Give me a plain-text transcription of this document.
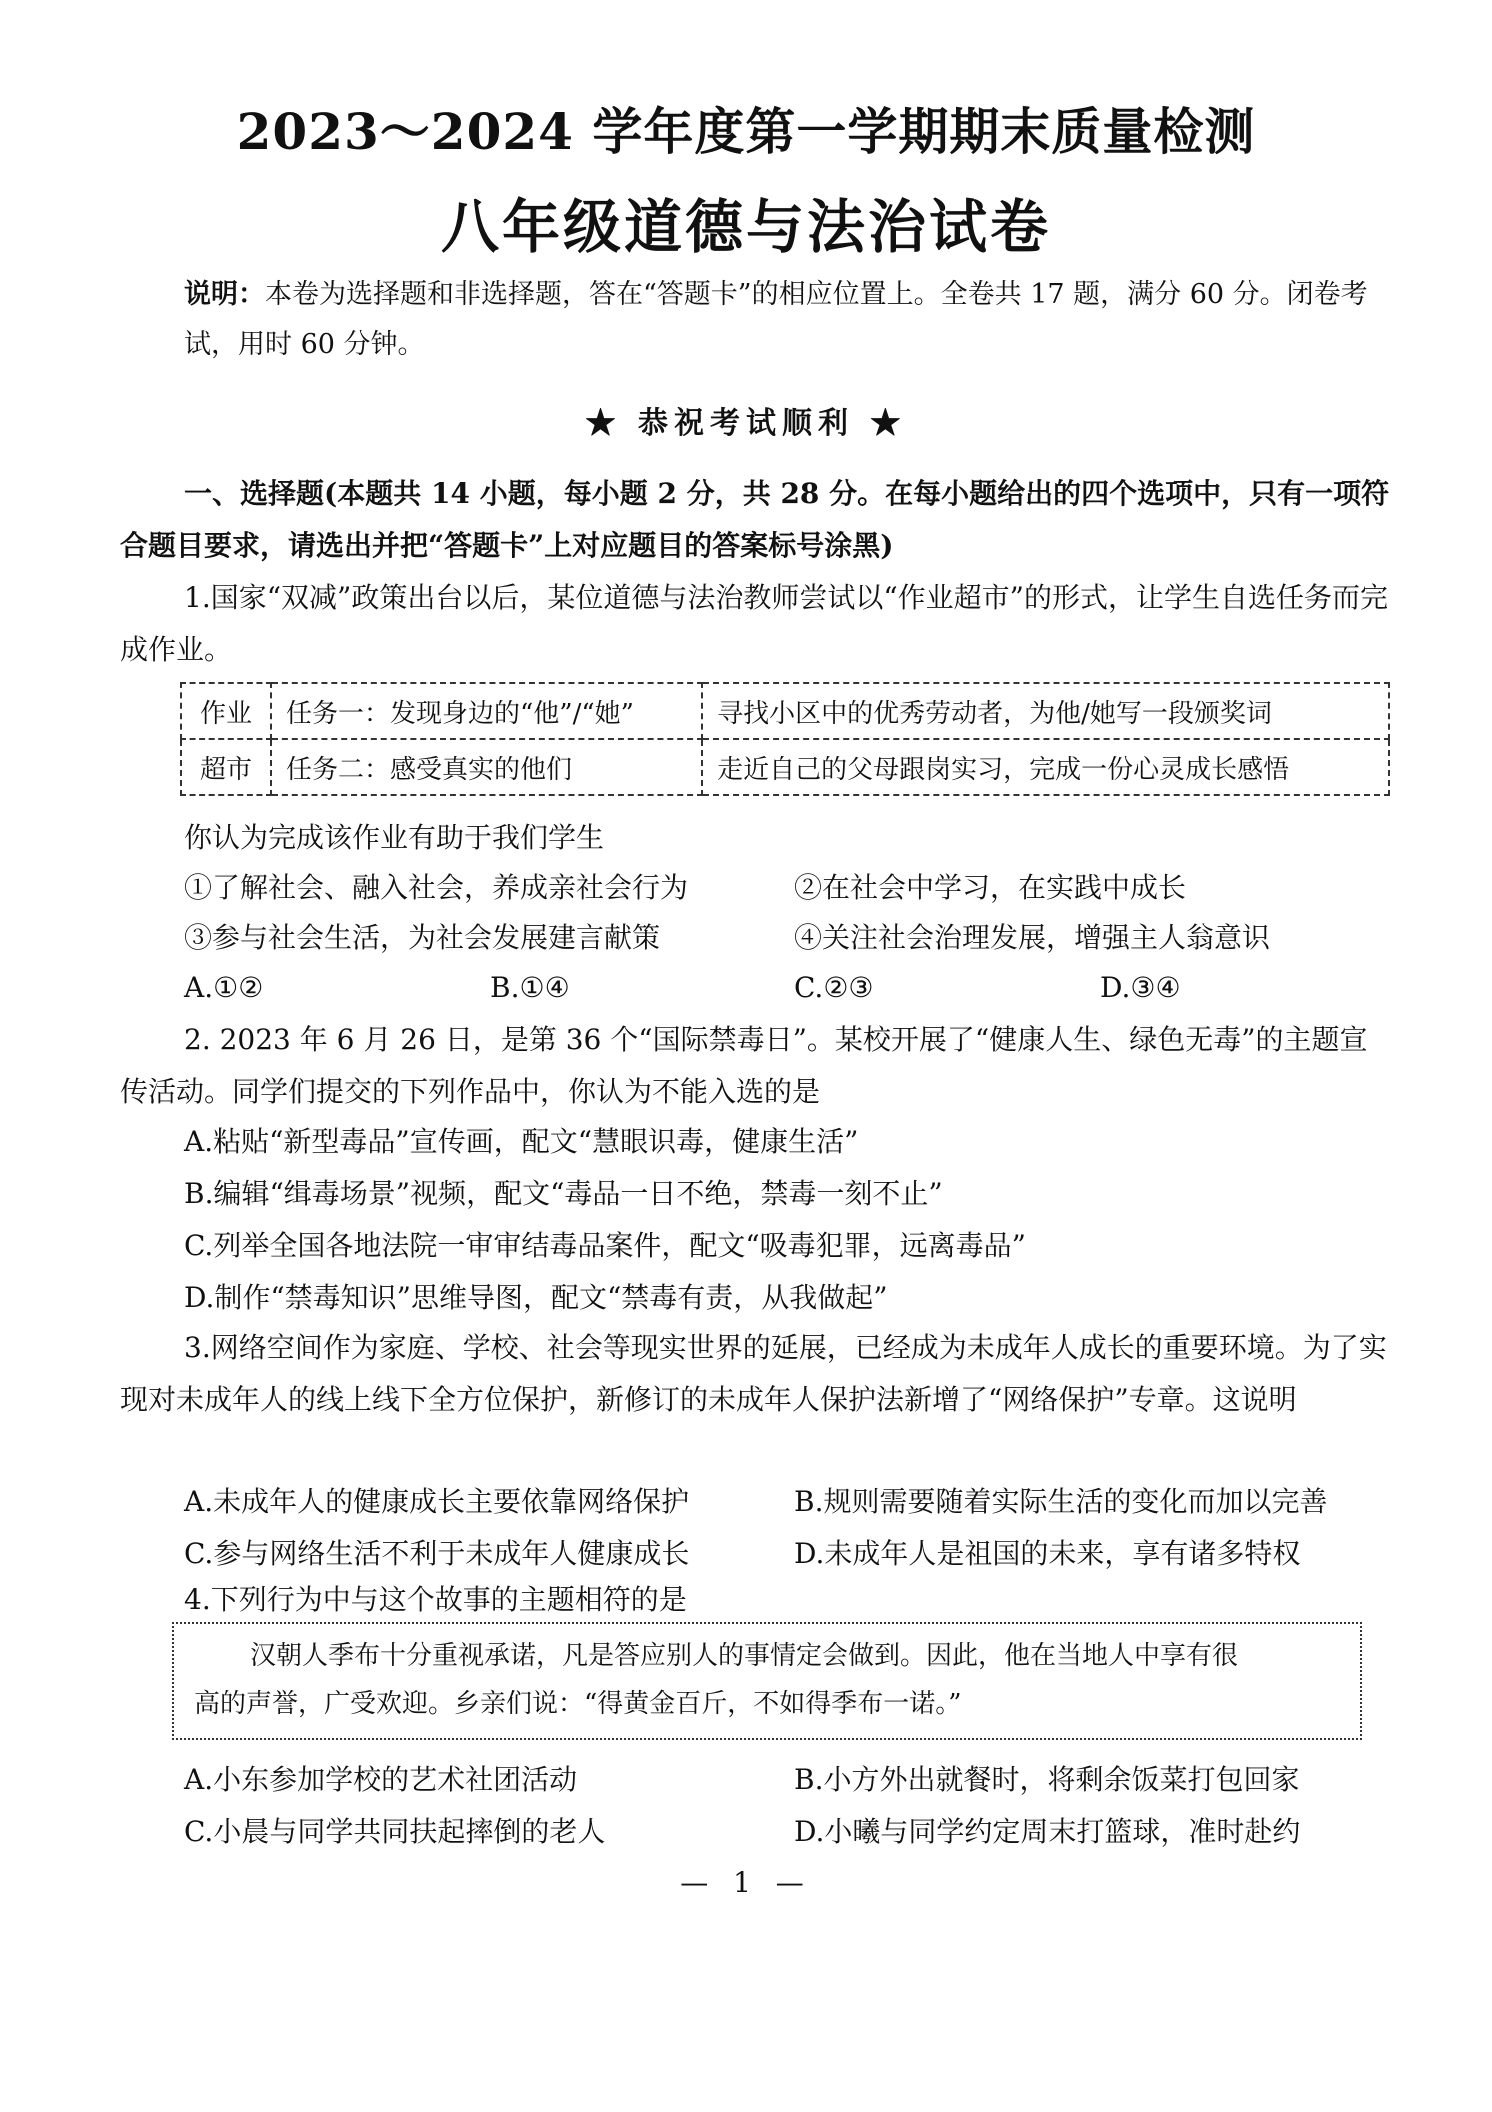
2023～2024 学年度第一学期期末质量检测
八年级道德与法治试卷
说明：本卷为选择题和非选择题，答在“答题卡”的相应位置上。全卷共 17 题，满分 60 分。闭卷考试，用时 60 分钟。
★ 恭祝考试顺利 ★
一、选择题(本题共 14 小题，每小题 2 分，共 28 分。在每小题给出的四个选项中，只有一项符合题目要求，请选出并把“答题卡”上对应题目的答案标号涂黑)
1.国家“双减”政策出台以后，某位道德与法治教师尝试以“作业超市”的形式，让学生自选任务而完成作业。
作业	任务一：发现身边的“他”/“她”	寻找小区中的优秀劳动者，为他/她写一段颁奖词
超市	任务二：感受真实的他们	走近自己的父母跟岗实习，完成一份心灵成长感悟
你认为完成该作业有助于我们学生
①了解社会、融入社会，养成亲社会行为	②在社会中学习，在实践中成长
③参与社会生活，为社会发展建言献策	④关注社会治理发展，增强主人翁意识
A.①②	B.①④	C.②③	D.③④
2. 2023 年 6 月 26 日，是第 36 个“国际禁毒日”。某校开展了“健康人生、绿色无毒”的主题宣传活动。同学们提交的下列作品中，你认为不能入选的是
A.粘贴“新型毒品”宣传画，配文“慧眼识毒，健康生活”
B.编辑“缉毒场景”视频，配文“毒品一日不绝，禁毒一刻不止”
C.列举全国各地法院一审审结毒品案件，配文“吸毒犯罪，远离毒品”
D.制作“禁毒知识”思维导图，配文“禁毒有责，从我做起”
3.网络空间作为家庭、学校、社会等现实世界的延展，已经成为未成年人成长的重要环境。为了实现对未成年人的线上线下全方位保护，新修订的未成年人保护法新增了“网络保护”专章。这说明
A.未成年人的健康成长主要依靠网络保护	B.规则需要随着实际生活的变化而加以完善
C.参与网络生活不利于未成年人健康成长	D.未成年人是祖国的未来，享有诸多特权
4.下列行为中与这个故事的主题相符的是
汉朝人季布十分重视承诺，凡是答应别人的事情定会做到。因此，他在当地人中享有很
高的声誉，广受欢迎。乡亲们说：“得黄金百斤，不如得季布一诺。”
A.小东参加学校的艺术社团活动	B.小方外出就餐时，将剩余饭菜打包回家
C.小晨与同学共同扶起摔倒的老人	D.小曦与同学约定周末打篮球，准时赴约
— 1 —
